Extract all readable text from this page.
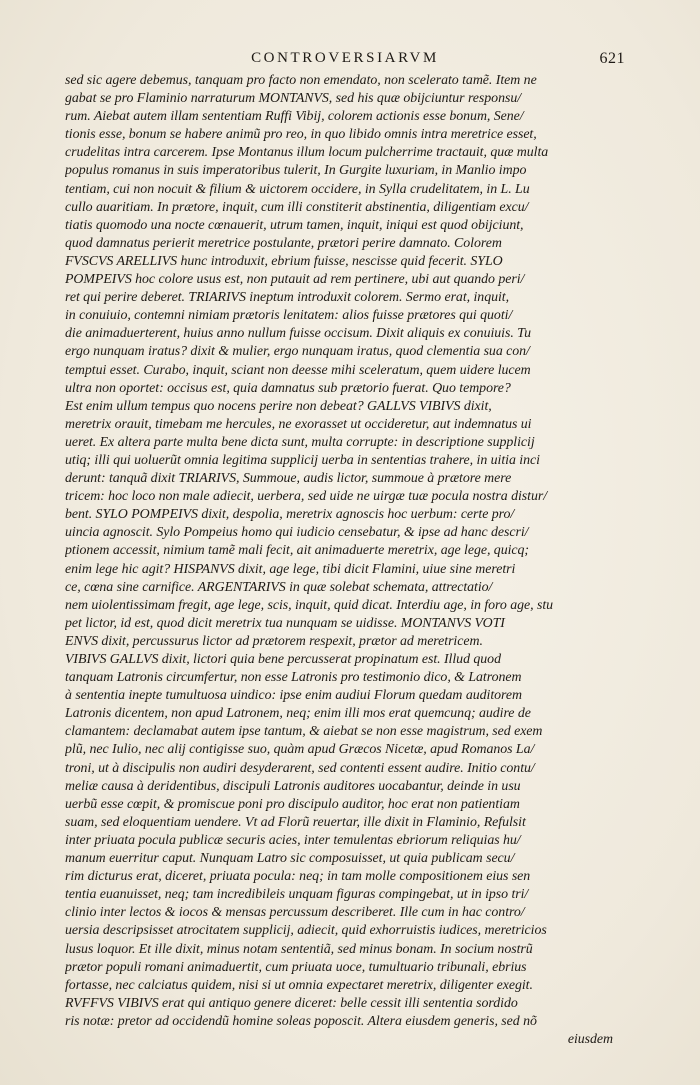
CONTROVERSIARVM	621
sed sic agere debemus, tanquam pro facto non emendato, non scelerato tamẽ. Item ne
gabat se pro Flaminio narraturum MONTANVS, sed his quæ obijciuntur responsu/
rum. Aiebat autem illam sententiam Ruffi Vibij, colorem actionis esse bonum, Sene/
tionis esse, bonum se habere animũ pro reo, in quo libido omnis intra meretrice esset,
crudelitas intra carcerem. Ipse Montanus illum locum pulcherrime tractauit, quæ multa
populus romanus in suis imperatoribus tulerit, In Gurgite luxuriam, in Manlio impo
tentiam, cui non nocuit & filium & uictorem occidere, in Sylla crudelitatem, in L. Lu
cullo auaritiam. In prætore, inquit, cum illi constiterit abstinentia, diligentiam excu/
tiatis quomodo una nocte cœnauerit, utrum tamen, inquit, iniqui est quod obijciunt,
quod damnatus perierit meretrice postulante, prætori perire damnato. Colorem
FVSCVS ARELLIVS hunc introduxit, ebrium fuisse, nescisse quid fecerit. SYLO
POMPEIVS hoc colore usus est, non putauit ad rem pertinere, ubi aut quando peri/
ret qui perire deberet. TRIARIVS ineptum introduxit colorem. Sermo erat, inquit,
in conuiuio, contemni nimiam prætoris lenitatem: alios fuisse prætores qui quoti/
die animaduerterent, huius anno nullum fuisse occisum. Dixit aliquis ex conuiuis. Tu
ergo nunquam iratus? dixit & mulier, ergo nunquam iratus, quod clementia sua con/
temptui esset. Curabo, inquit, sciant non deesse mihi sceleratum, quem uidere lucem
ultra non oportet: occisus est, quia damnatus sub prætorio fuerat. Quo tempore?
Est enim ullum tempus quo nocens perire non debeat? GALLVS VIBIVS dixit,
meretrix orauit, timebam me hercules, ne exorasset ut occideretur, aut indemnatus ui
ueret. Ex altera parte multa bene dicta sunt, multa corrupte: in descriptione supplicij
utiq; illi qui uoluerũt omnia legitima supplicij uerba in sententias trahere, in uitia inci
derunt: tanquã dixit TRIARIVS, Summoue, audis lictor, summoue à prætore mere
tricem: hoc loco non male adiecit, uerbera, sed uide ne uirgæ tuæ pocula nostra distur/
bent. SYLO POMPEIVS dixit, despolia, meretrix agnoscis hoc uerbum: certe pro/
uincia agnoscit. Sylo Pompeius homo qui iudicio censebatur, & ipse ad hanc descri/
ptionem accessit, nimium tamẽ mali fecit, ait animaduerte meretrix, age lege, quicq;
enim lege hic agit? HISPANVS dixit, age lege, tibi dicit Flamini, uiue sine meretri
ce, cœna sine carnifice. ARGENTARIVS in quæ solebat schemata, attrectatio/
nem uiolentissimam fregit, age lege, scis, inquit, quid dicat. Interdiu age, in foro age, stu
pet lictor, id est, quod dicit meretrix tua nunquam se uidisse. MONTANVS VOTI
ENVS dixit, percussurus lictor ad prætorem respexit, prætor ad meretricem.
VIBIVS GALLVS dixit, lictori quia bene percusserat propinatum est. Illud quod
tanquam Latronis circumfertur, non esse Latronis pro testimonio dico, & Latronem
à sententia inepte tumultuosa uindico: ipse enim audiui Florum quedam auditorem
Latronis dicentem, non apud Latronem, neq; enim illi mos erat quemcunq; audire de
clamantem: declamabat autem ipse tantum, & aiebat se non esse magistrum, sed exem
plũ, nec Iulio, nec alij contigisse suo, quàm apud Græcos Nicetæ, apud Romanos La/
troni, ut à discipulis non audiri desyderarent, sed contenti essent audire. Initio contu/
meliæ causa à deridentibus, discipuli Latronis auditores uocabantur, deinde in usu
uerbũ esse cœpit, & promiscue poni pro discipulo auditor, hoc erat non patientiam
suam, sed eloquentiam uendere. Vt ad Florũ reuertar, ille dixit in Flaminio, Refulsit
inter priuata pocula publicæ securis acies, inter temulentas ebriorum reliquias hu/
manum euerritur caput. Nunquam Latro sic composuisset, ut quia publicam secu/
rim dicturus erat, diceret, priuata pocula: neq; in tam molle compositionem eius sen
tentia euanuisset, neq; tam incredibileis unquam figuras compingebat, ut in ipso tri/
clinio inter lectos & iocos & mensas percussum describeret. Ille cum in hac contro/
uersia descripsisset atrocitatem supplicij, adiecit, quid exhorruistis iudices, meretricios
lusus loquor. Et ille dixit, minus notam sententiã, sed minus bonam. In socium nostrũ
prætor populi romani animaduertit, cum priuata uoce, tumultuario tribunali, ebrius
fortasse, nec calciatus quidem, nisi si ut omnia expectaret meretrix, diligenter exegit.
RVFFVS VIBIVS erat qui antiquo genere diceret: belle cessit illi sententia sordido
ris notæ: pretor ad occidendũ homine soleas poposcit. Altera eiusdem generis, sed nõ
eiusdem
